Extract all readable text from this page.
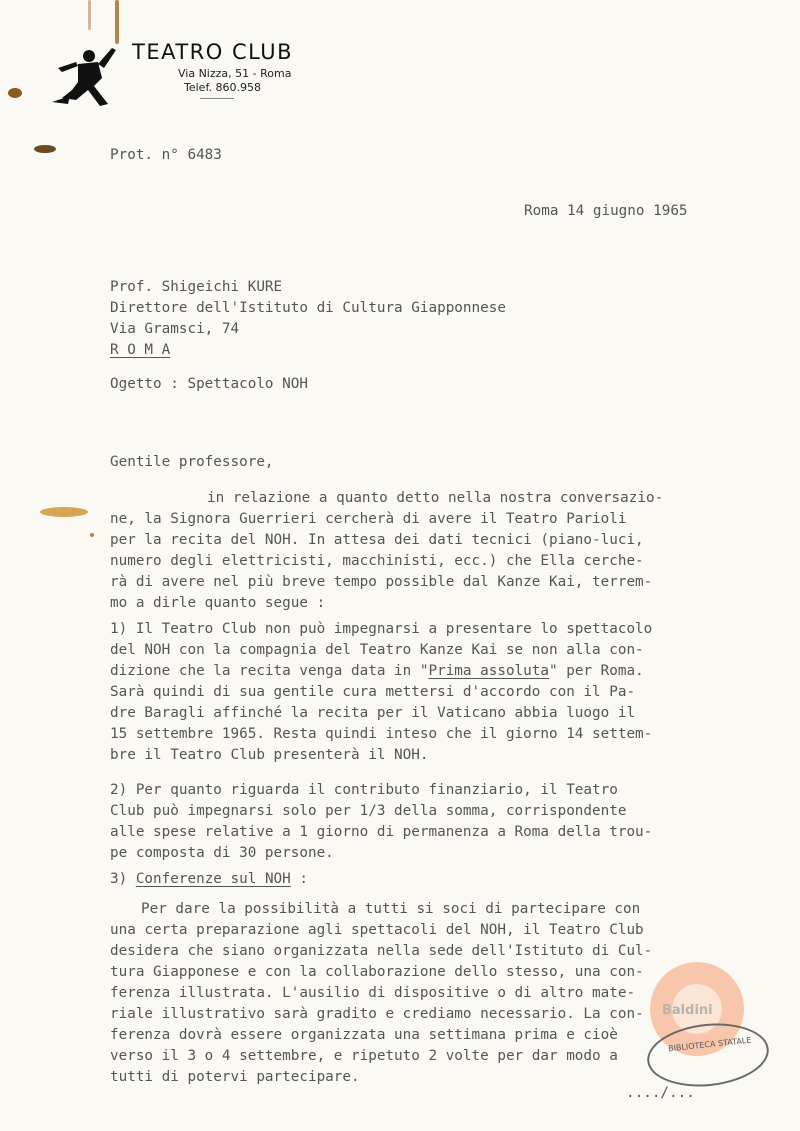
TEATRO CLUB
Via Nizza, 51 - Roma
Telef. 860.958
Prot. n° 6483
Roma 14 giugno 1965
Prof. Shigeichi KURE
Direttore dell'Istituto di Cultura Giapponnese
Via Gramsci, 74
R O M A
Ogetto : Spettacolo NOH
Gentile professore,
in relazione a quanto detto nella nostra conversazio-
ne, la Signora Guerrieri cercherà di avere il Teatro Parioli
per la recita del NOH. In attesa dei dati tecnici (piano-luci,
numero degli elettricisti, macchinisti, ecc.) che Ella cerche-
rà di avere nel più breve tempo possible dal Kanze Kai, terrem-
mo a dirle quanto segue :
1) Il Teatro Club non può impegnarsi a presentare lo spettacolo
del NOH con la compagnia del Teatro Kanze Kai se non alla con-
dizione che la recita venga data in "Prima assoluta" per Roma.
Sarà quindi di sua gentile cura mettersi d'accordo con il Pa-
dre Baragli affinché la recita per il Vaticano abbia luogo il
15 settembre 1965. Resta quindi inteso che il giorno 14 settem-
bre il Teatro Club presenterà il NOH.
2) Per quanto riguarda il contributo finanziario, il Teatro
Club può impegnarsi solo per 1/3 della somma, corrispondente
alle spese relative a 1 giorno di permanenza a Roma della trou-
pe composta di 30 persone.
3) Conferenze sul NOH :
Per dare la possibilità a tutti si soci di partecipare con
una certa preparazione agli spettacoli del NOH, il Teatro Club
desidera che siano organizzata nella sede dell'Istituto di Cul-
tura Giapponese e con la collaborazione dello stesso, una con-
ferenza illustrata. L'ausilio di dispositive o di altro mate-
riale illustrativo sarà gradito e crediamo necessario. La con-
ferenza dovrà essere organizzata una settimana prima e cioè
verso il 3 o 4 settembre, e ripetuto 2 volte per dar modo a
tutti di potervi partecipare.
..../...
Baldini
BIBLIOTECA STATALE
